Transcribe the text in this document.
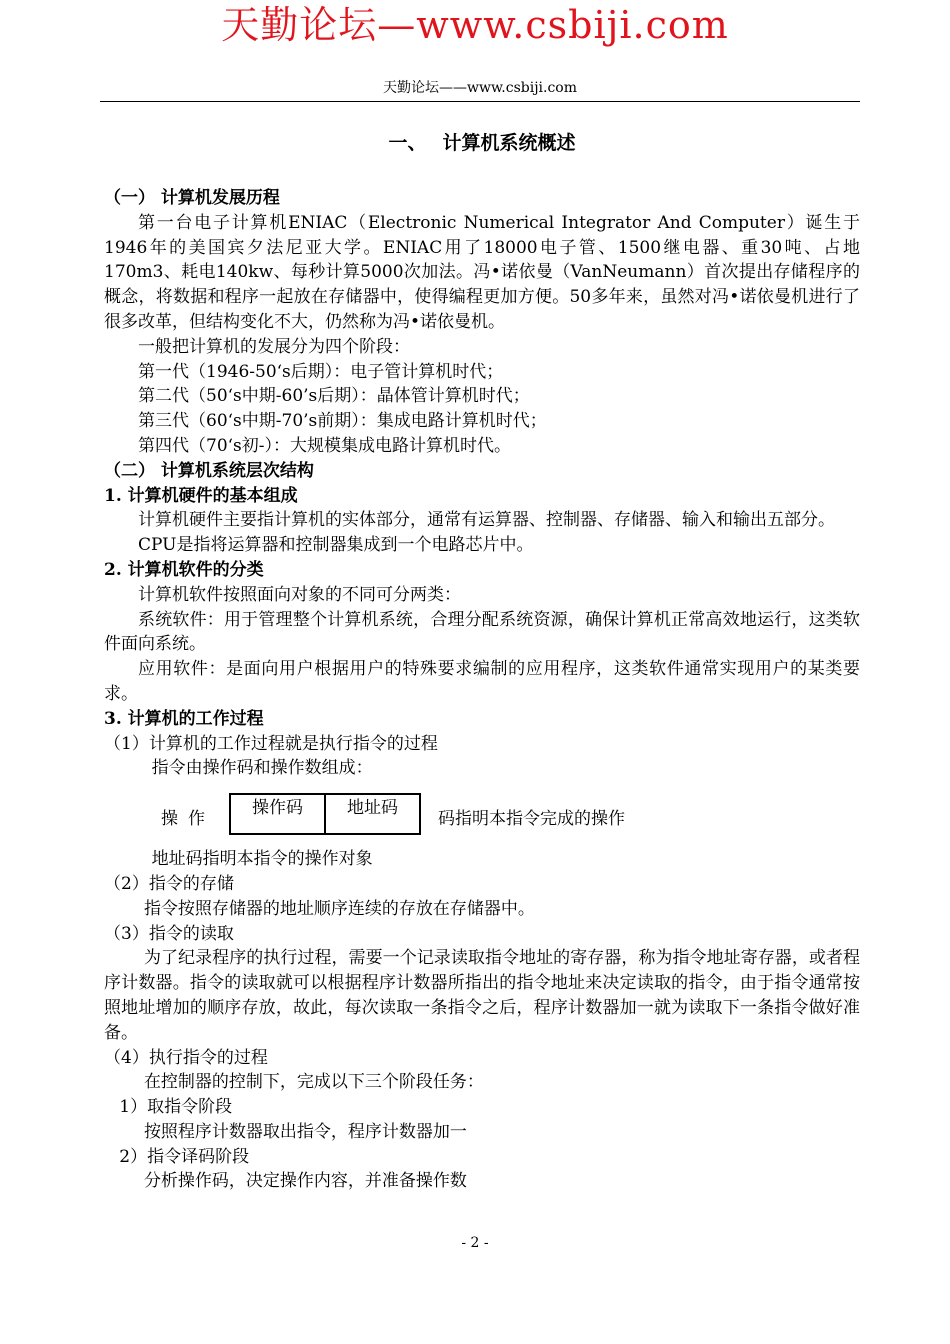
天勤论坛—www.csbiji.com
天勤论坛——www.csbiji.com
一、 计算机系统概述

（一） 计算机发展历程

第一台电子计算机ENIAC（Electronic Numerical Integrator And Computer）诞生于1946年的美国宾夕法尼亚大学。ENIAC用了18000电子管、1500继电器、重30吨、占地170m3、耗电140kw、每秒计算5000次加法。冯•诺依曼（VanNeumann）首次提出存储程序的概念，将数据和程序一起放在存储器中，使得编程更加方便。50多年来，虽然对冯•诺依曼机进行了很多改革，但结构变化不大，仍然称为冯•诺依曼机。

一般把计算机的发展分为四个阶段：

第一代（1946-50‘s后期）：电子管计算机时代；

第二代（50‘s中期-60’s后期）：晶体管计算机时代；

第三代（60‘s中期-70’s前期）：集成电路计算机时代；

第四代（70‘s初-）：大规模集成电路计算机时代。

（二） 计算机系统层次结构

1. 计算机硬件的基本组成

计算机硬件主要指计算机的实体部分，通常有运算器、控制器、存储器、输入和输出五部分。

CPU是指将运算器和控制器集成到一个电路芯片中。

2. 计算机软件的分类

计算机软件按照面向对象的不同可分两类：

系统软件：用于管理整个计算机系统，合理分配系统资源，确保计算机正常高效地运行，这类软件面向系统。

应用软件：是面向用户根据用户的特殊要求编制的应用程序，这类软件通常实现用户的某类要求。

3. 计算机的工作过程

（1）计算机的工作过程就是执行指令的过程

指令由操作码和操作数组成：

操作码	地址码
操作	码指明本指令完成的操作

地址码指明本指令的操作对象

（2）指令的存储

指令按照存储器的地址顺序连续的存放在存储器中。

（3）指令的读取

为了纪录程序的执行过程，需要一个记录读取指令地址的寄存器，称为指令地址寄存器，或者程序计数器。指令的读取就可以根据程序计数器所指出的指令地址来决定读取的指令，由于指令通常按照地址增加的顺序存放，故此，每次读取一条指令之后，程序计数器加一就为读取下一条指令做好准备。

（4）执行指令的过程

在控制器的控制下，完成以下三个阶段任务：

1）取指令阶段

按照程序计数器取出指令，程序计数器加一

2）指令译码阶段

分析操作码，决定操作内容，并准备操作数

- 2 -
